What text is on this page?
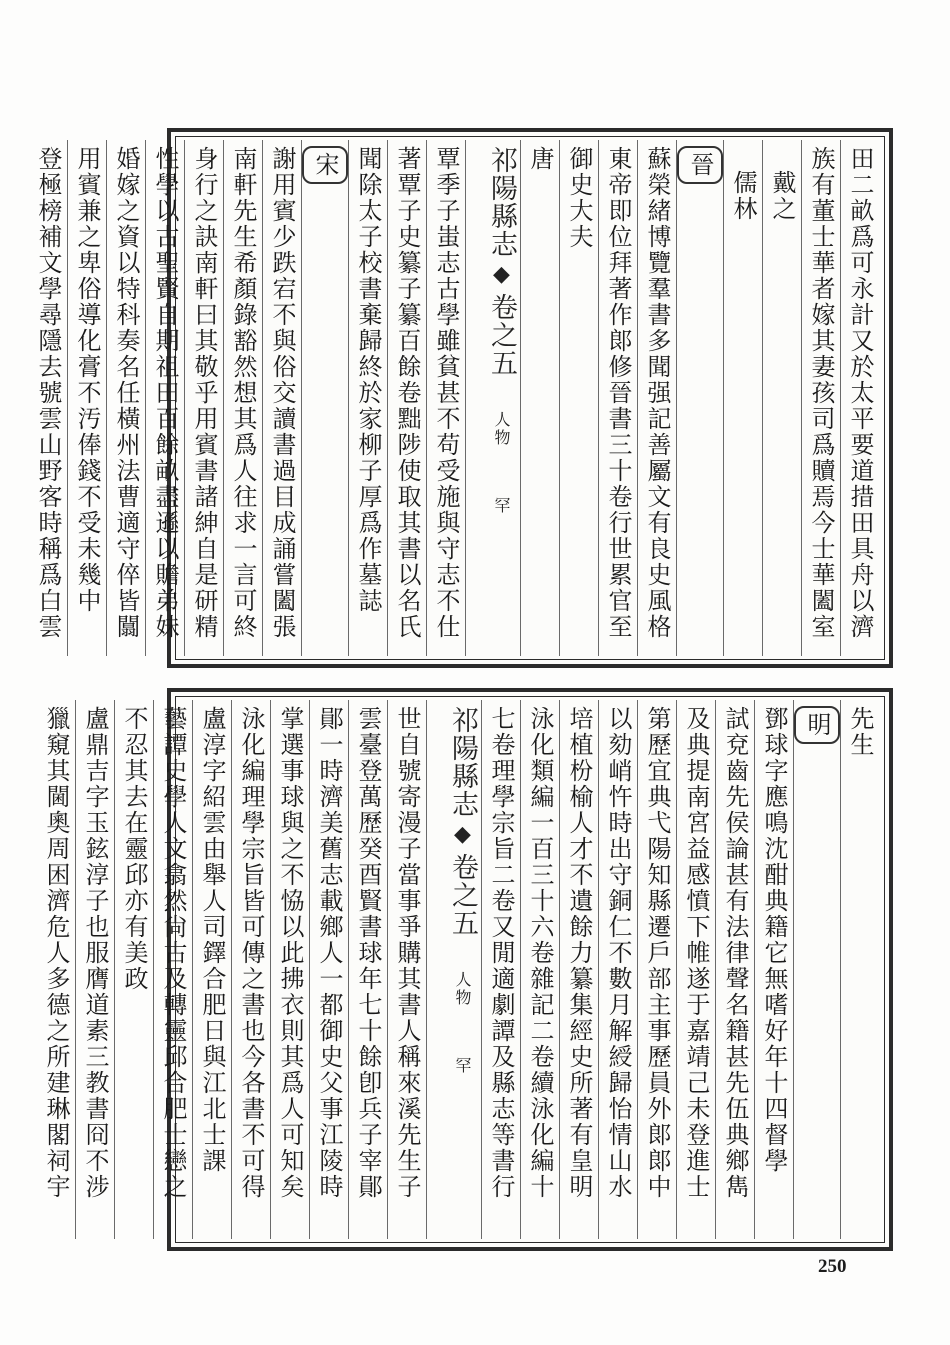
田二畝爲可永計又於太平要道措田具舟以濟
族有董士華者嫁其妻孩司爲贖焉今士華闔室
戴之
儒林
晉
蘇榮緒博覽羣書多聞强記善屬文有良史風格
東帝即位拜著作郞修晉書三十卷行世累官至
御史大夫
唐
祁陽縣志◆卷之五人物罕
覃季子蚩志古學雖貧甚不苟受施與守志不仕
著覃子史纂子纂百餘卷黜陟使取其書以名氏
聞除太子校書棄歸終於家柳子厚爲作墓誌
宋
謝用賓少跌宕不與俗交讀書過目成誦嘗闔張
南軒先生希顏錄豁然想其爲人往求一言可終
身行之訣南軒曰其敬乎用賓書諸紳自是研精
性學以古聖賢自期祖田百餘畝盡遜以贍弟妹
婚嫁之資以特科奏名任橫州法曹適守倅皆闒
用賓兼之卑俗導化膏不汚俸錢不受未幾中
登極榜補文學尋隱去號雲山野客時稱爲白雲
先生
明
鄧球字應鳴沈酣典籍它無嗜好年十四督學
試兗齒先侯論甚有法律聲名籍甚先伍典鄉雋
及典提南宮益感憤下帷遂于嘉靖己未登進士
第歷宜典弋陽知縣遷戶部主事歷員外郞郞中
以劾峭忤時出守銅仁不數月解綬歸怡情山水
培植枌榆人才不遺餘力纂集經史所著有皇明
泳化類編一百三十六卷雜記二卷續泳化編十
七卷理學宗旨二卷又閒適劇譚及縣志等書行
祁陽縣志◆卷之五人物罕
世自號寄漫子當事爭購其書人稱來溪先生子
雲臺登萬歷癸酉賢書球年七十餘卽兵子宰鄖
鄖一時濟美舊志載鄉人一都御史父事江陵時
掌選事球與之不恊以此拂衣則其爲人可知矣
泳化編理學宗旨皆可傳之書也今各書不可得
盧淳字紹雲由舉人司鐸合肥日與江北士課
藝譚史學人文翕然尙古及轉靈邱合肥士戀之
不忍其去在靈邱亦有美政
盧鼎吉字玉鉉淳子也服膺道素三教書冏不涉
獵窺其閫奧周困濟危人多德之所建琳閣祠宇
250
